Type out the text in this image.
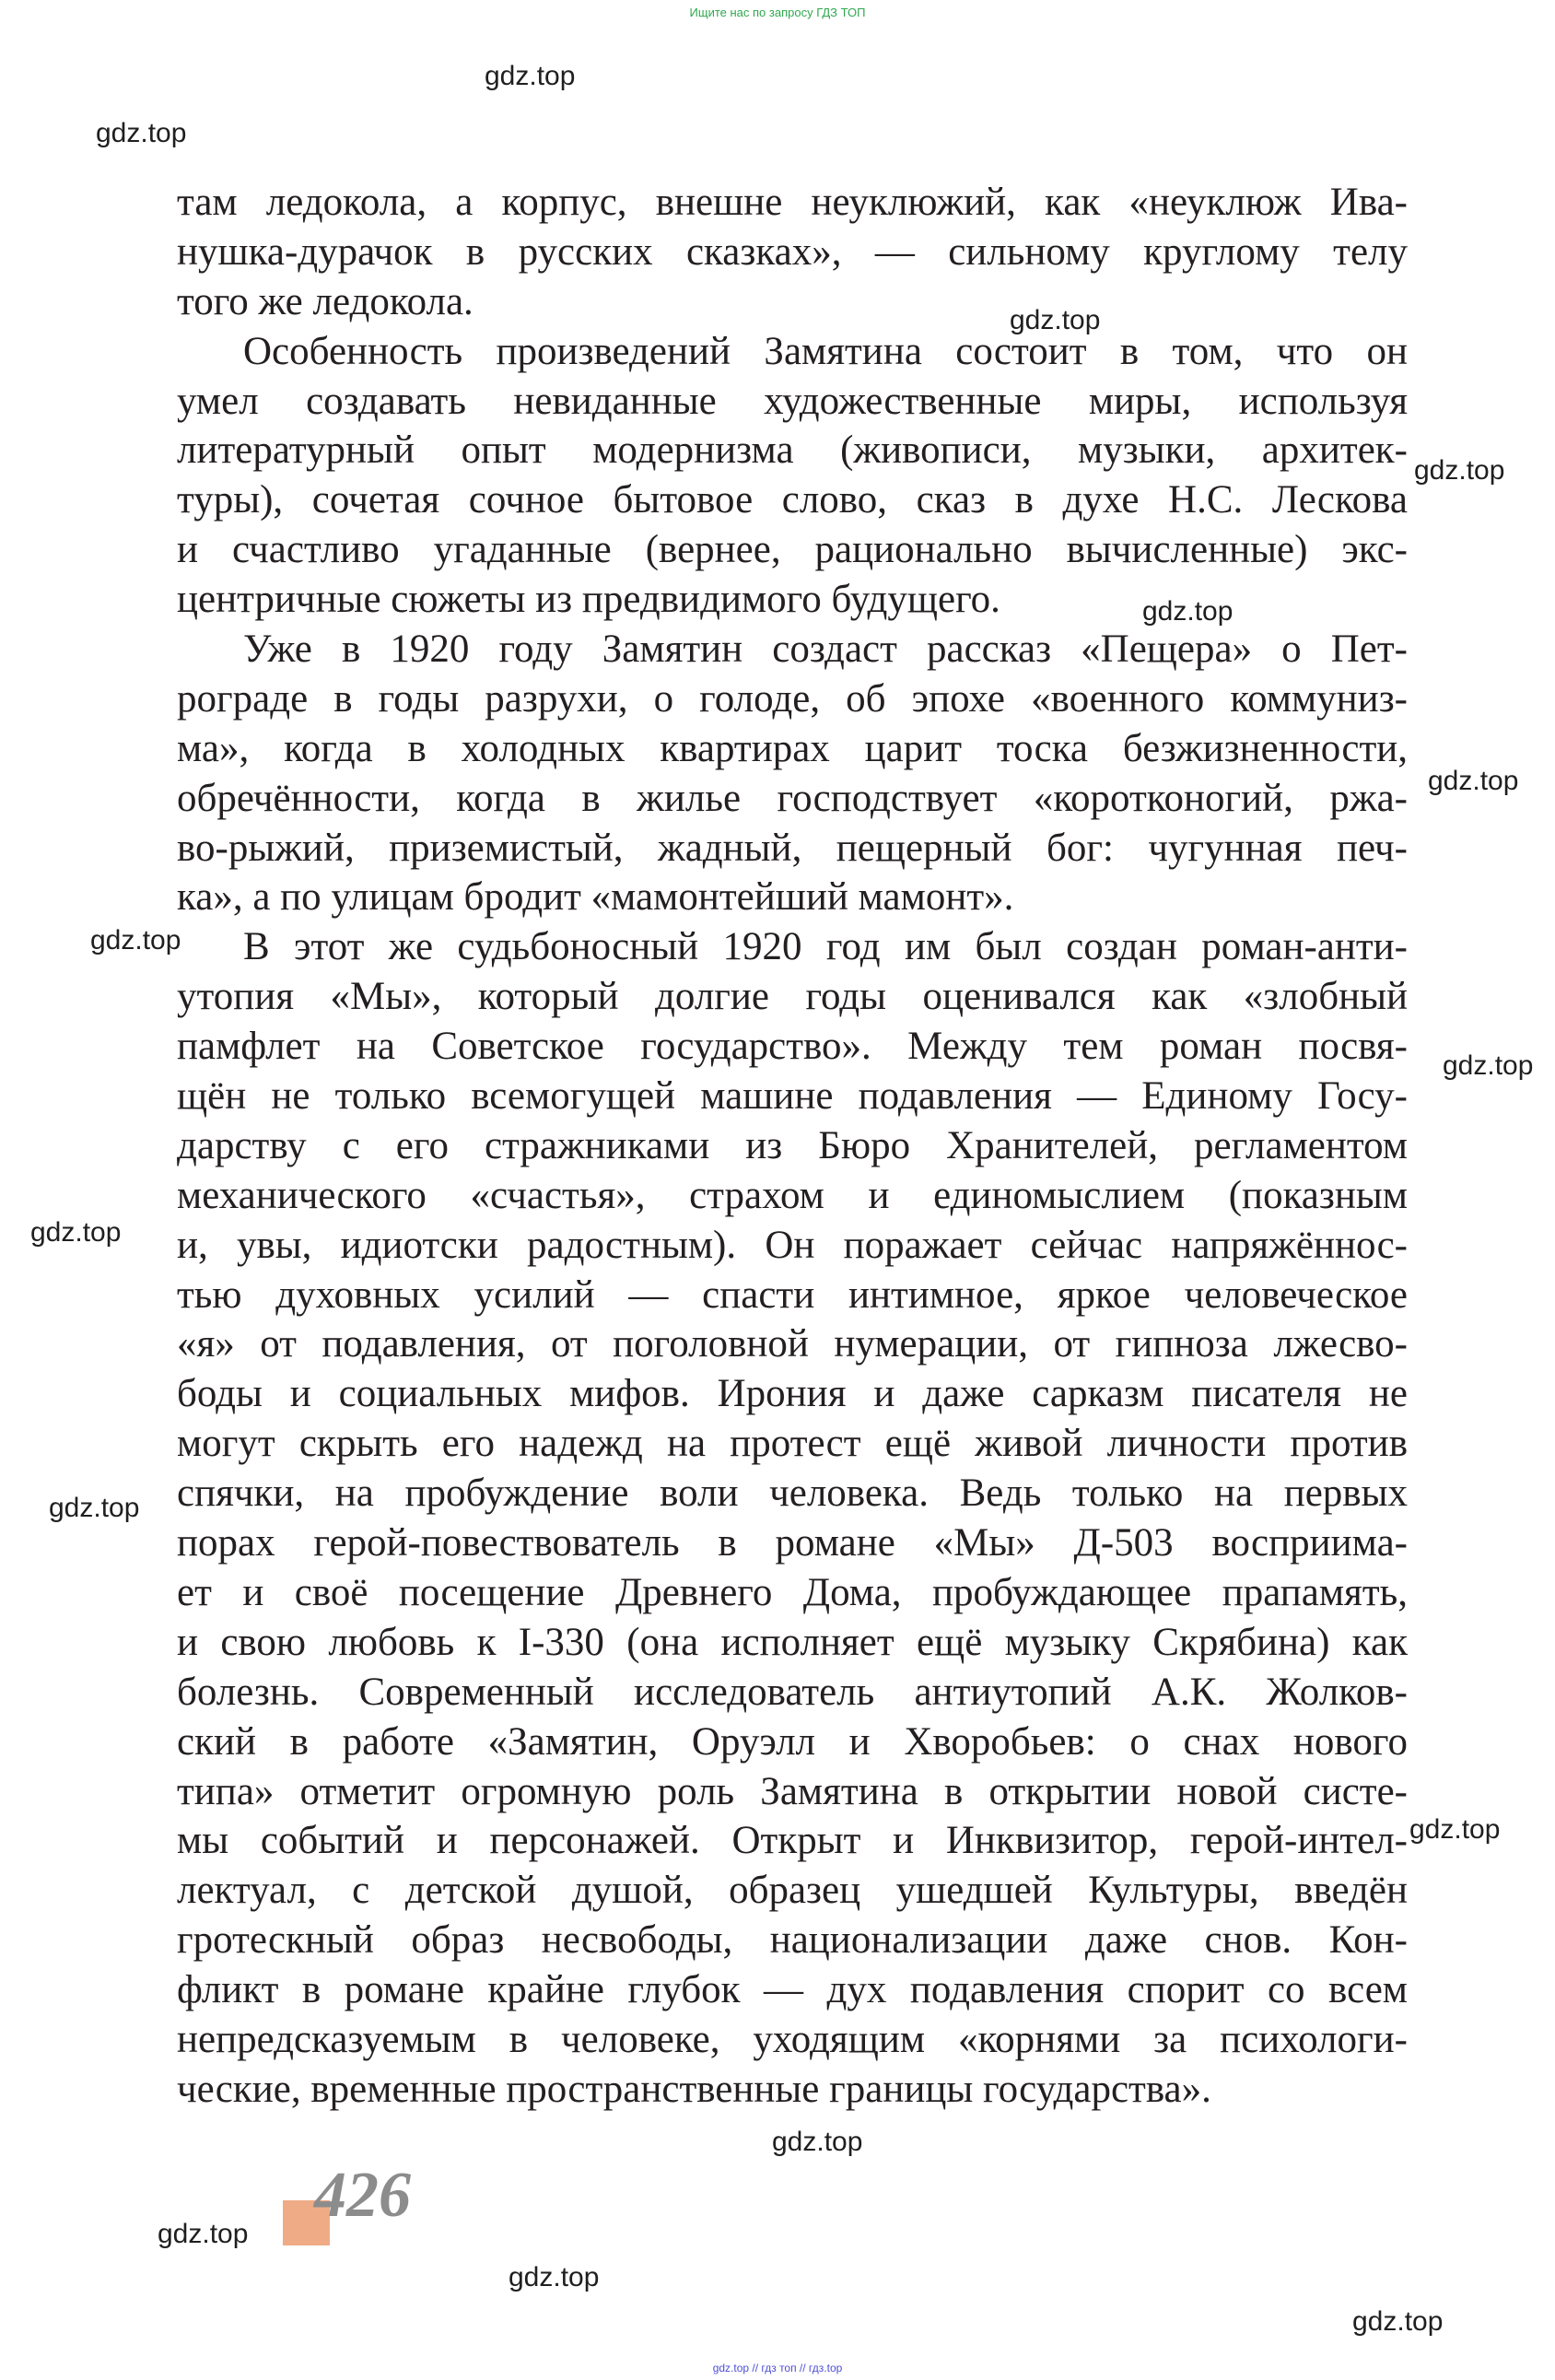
Ищите нас по запросу ГДЗ ТОП
там ледокола, а корпус, внешне неуклюжий, как «неуклюж Ива-
нушка-дурачок в русских сказках», — сильному круглому телу
того же ледокола.
Особенность произведений Замятина состоит в том, что он
умел создавать невиданные художественные миры, используя
литературный опыт модернизма (живописи, музыки, архитек-
туры), сочетая сочное бытовое слово, сказ в духе Н.С. Лескова
и счастливо угаданные (вернее, рационально вычисленные) экс-
центричные сюжеты из предвидимого будущего.
Уже в 1920 году Замятин создаст рассказ «Пещера» о Пет-
рограде в годы разрухи, о голоде, об эпохе «военного коммуниз-
ма», когда в холодных квартирах царит тоска безжизненности,
обречённости, когда в жилье господствует «коротконогий, ржа-
во-рыжий, приземистый, жадный, пещерный бог: чугунная печ-
ка», а по улицам бродит «мамонтейший мамонт».
В этот же судьбоносный 1920 год им был создан роман-анти-
утопия «Мы», который долгие годы оценивался как «злобный
памфлет на Советское государство». Между тем роман посвя-
щён не только всемогущей машине подавления — Единому Госу-
дарству с его стражниками из Бюро Хранителей, регламентом
механического «счастья», страхом и единомыслием (показным
и, увы, идиотски радостным). Он поражает сейчас напряжённос-
тью духовных усилий — спасти интимное, яркое человеческое
«я» от подавления, от поголовной нумерации, от гипноза лжесво-
боды и социальных мифов. Ирония и даже сарказм писателя не
могут скрыть его надежд на протест ещё живой личности против
спячки, на пробуждение воли человека. Ведь только на первых
порах герой-повествователь в романе «Мы» Д-503 восприима-
ет и своё посещение Древнего Дома, пробуждающее прапамять,
и свою любовь к I-330 (она исполняет ещё музыку Скрябина) как
болезнь. Современный исследователь антиутопий А.К. Жолков-
ский в работе «Замятин, Оруэлл и Хворобьев: о снах нового
типа» отметит огромную роль Замятина в открытии новой систе-
мы событий и персонажей. Открыт и Инквизитор, герой-интел-
лектуал, с детской душой, образец ушедшей Культуры, введён
гротескный образ несвободы, национализации даже снов. Кон-
фликт в романе крайне глубок — дух подавления спорит со всем
непредсказуемым в человеке, уходящим «корнями за психологи-
ческие, временные пространственные границы государства».
gdz.top
gdz.top
gdz.top
gdz.top
gdz.top
gdz.top
gdz.top
gdz.top
gdz.top
gdz.top
gdz.top
gdz.top
gdz.top
gdz.top
gdz.top
426
gdz.top // гдз топ // гдз.top
